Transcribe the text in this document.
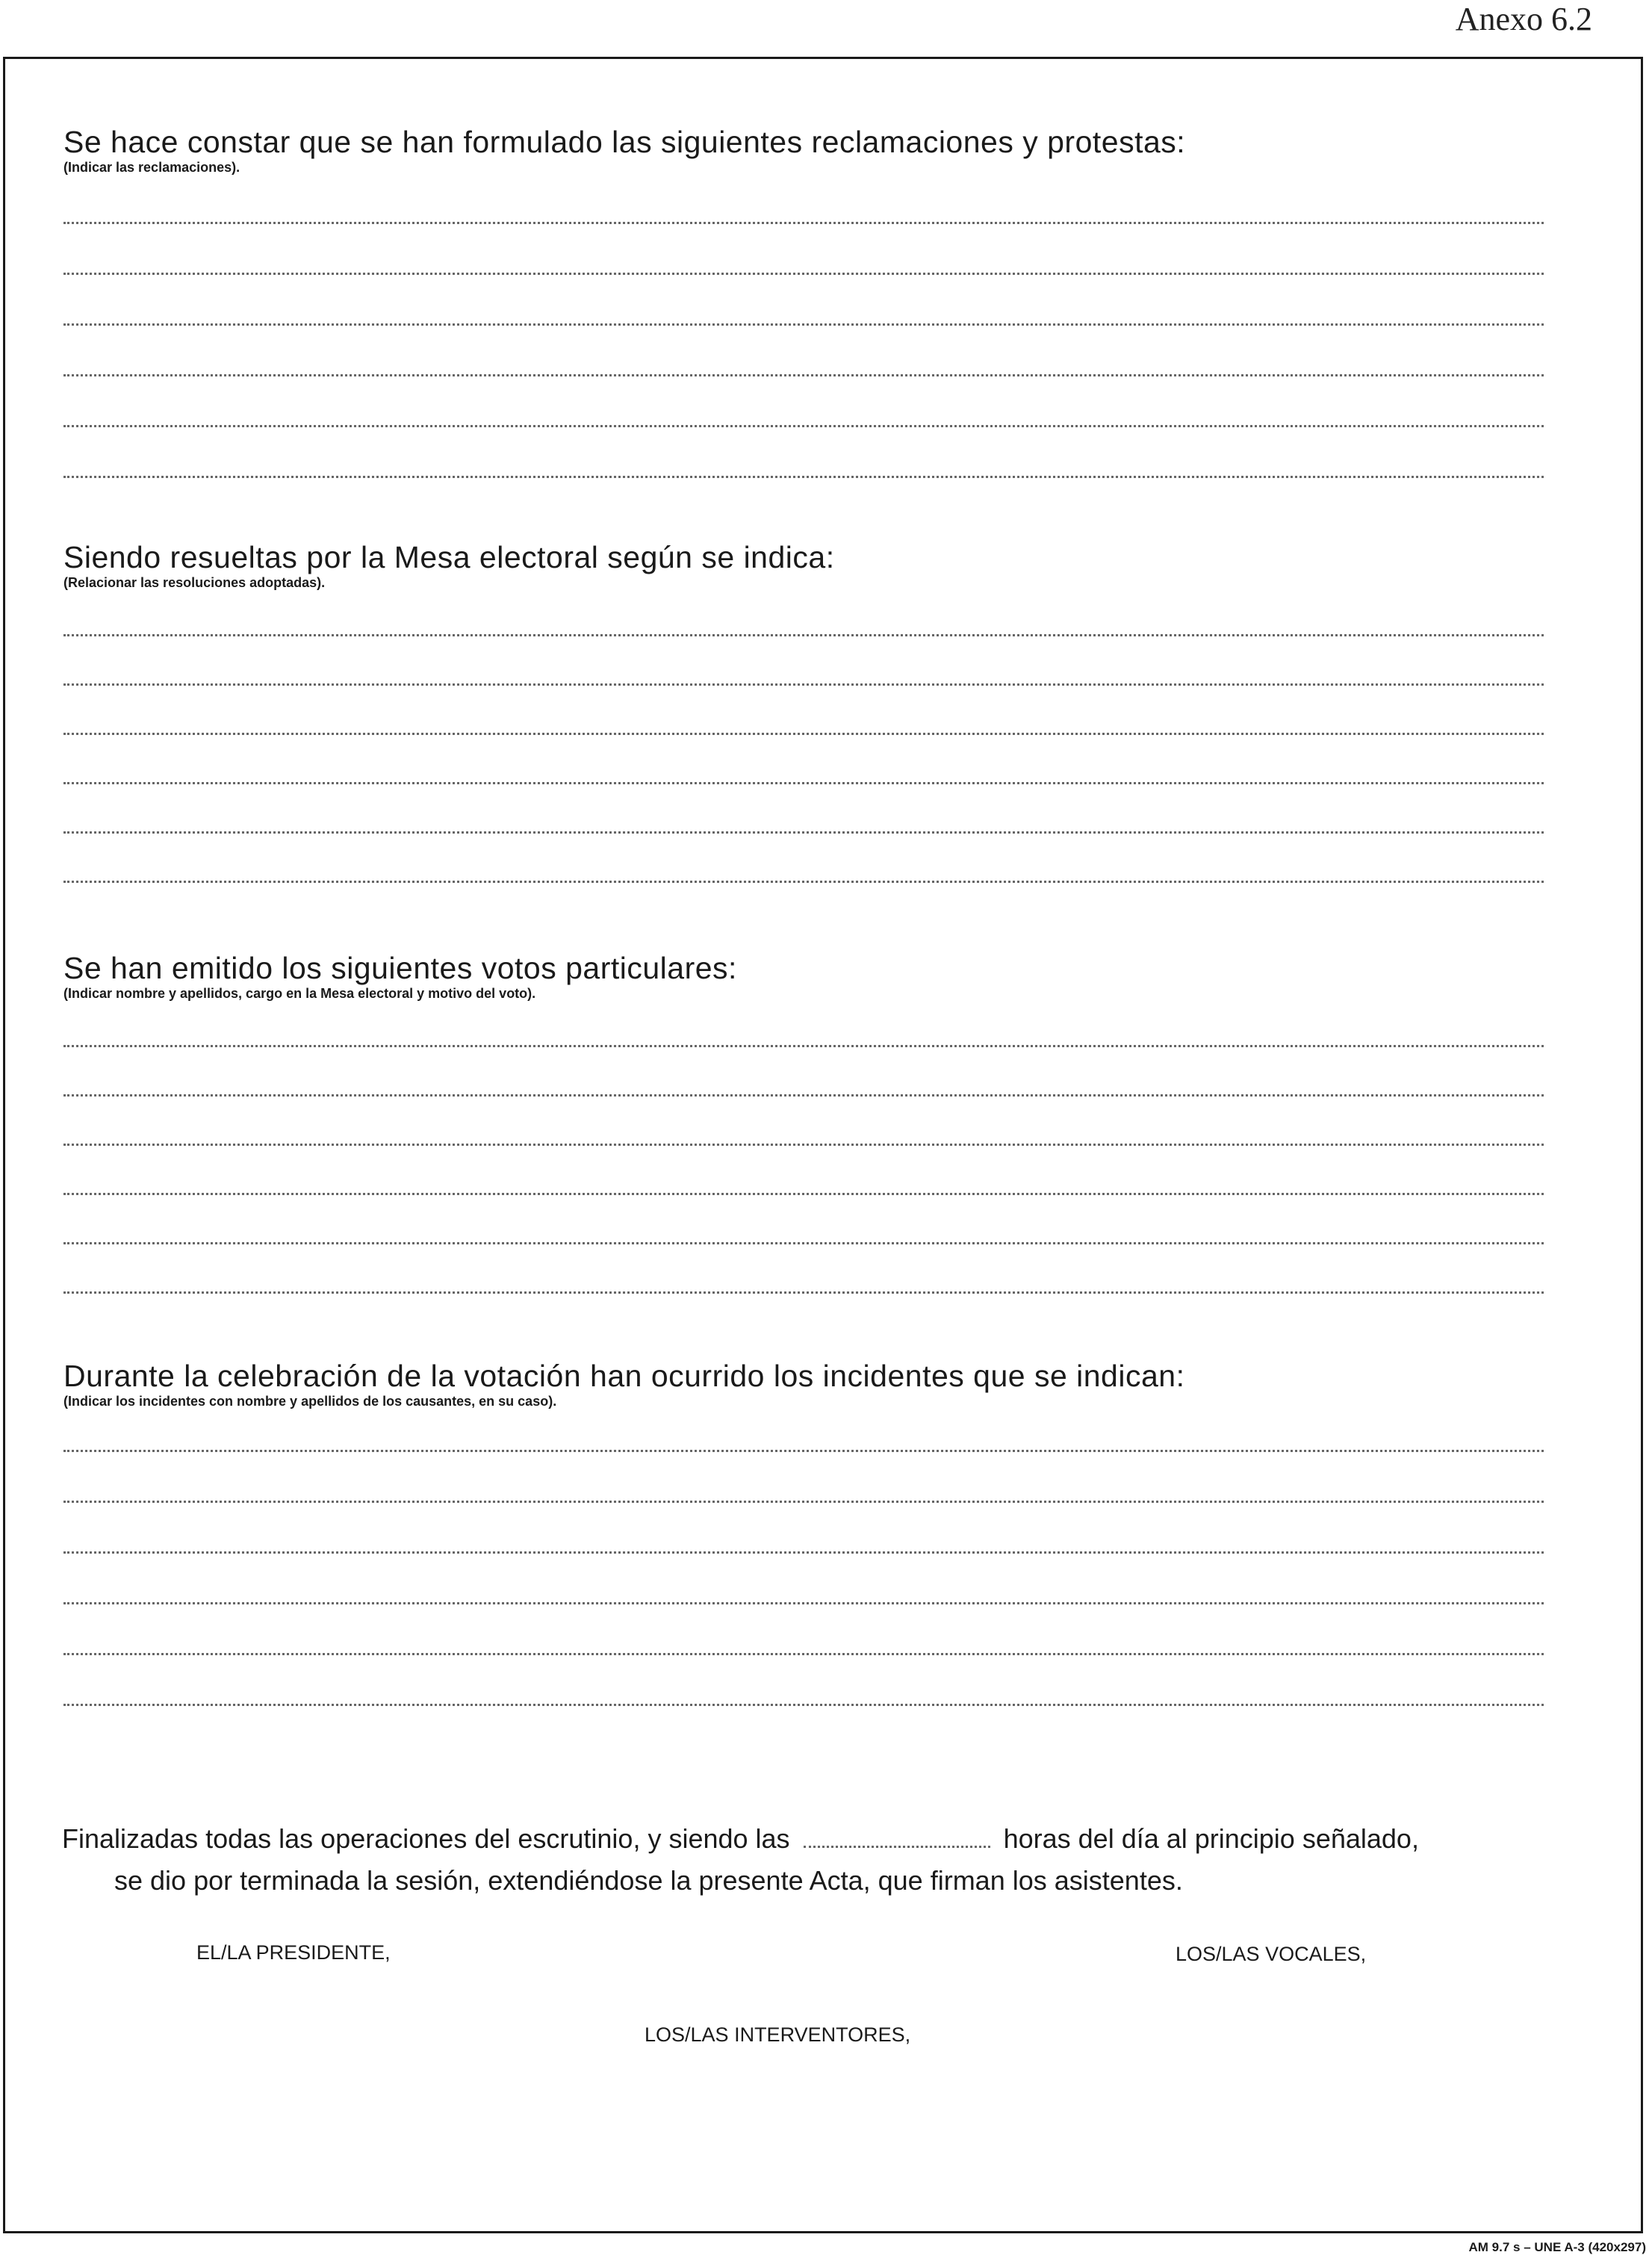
Anexo 6.2
Se hace constar que se han formulado las siguientes reclamaciones y protestas:
(Indicar las reclamaciones).
Siendo resueltas por la Mesa electoral según se indica:
(Relacionar las resoluciones adoptadas).
Se han emitido los siguientes votos particulares:
(Indicar nombre y apellidos, cargo en la Mesa electoral y motivo del voto).
Durante la celebración de la votación han ocurrido los incidentes que se indican:
(Indicar los incidentes con nombre y apellidos de los causantes, en su caso).
Finalizadas todas las operaciones del escrutinio, y siendo las	horas del día al principio señalado,
se dio por terminada la sesión, extendiéndose la presente Acta, que firman los asistentes.
EL/LA PRESIDENTE,	LOS/LAS VOCALES,
LOS/LAS INTERVENTORES,
AM 9.7 s – UNE A-3 (420x297)
